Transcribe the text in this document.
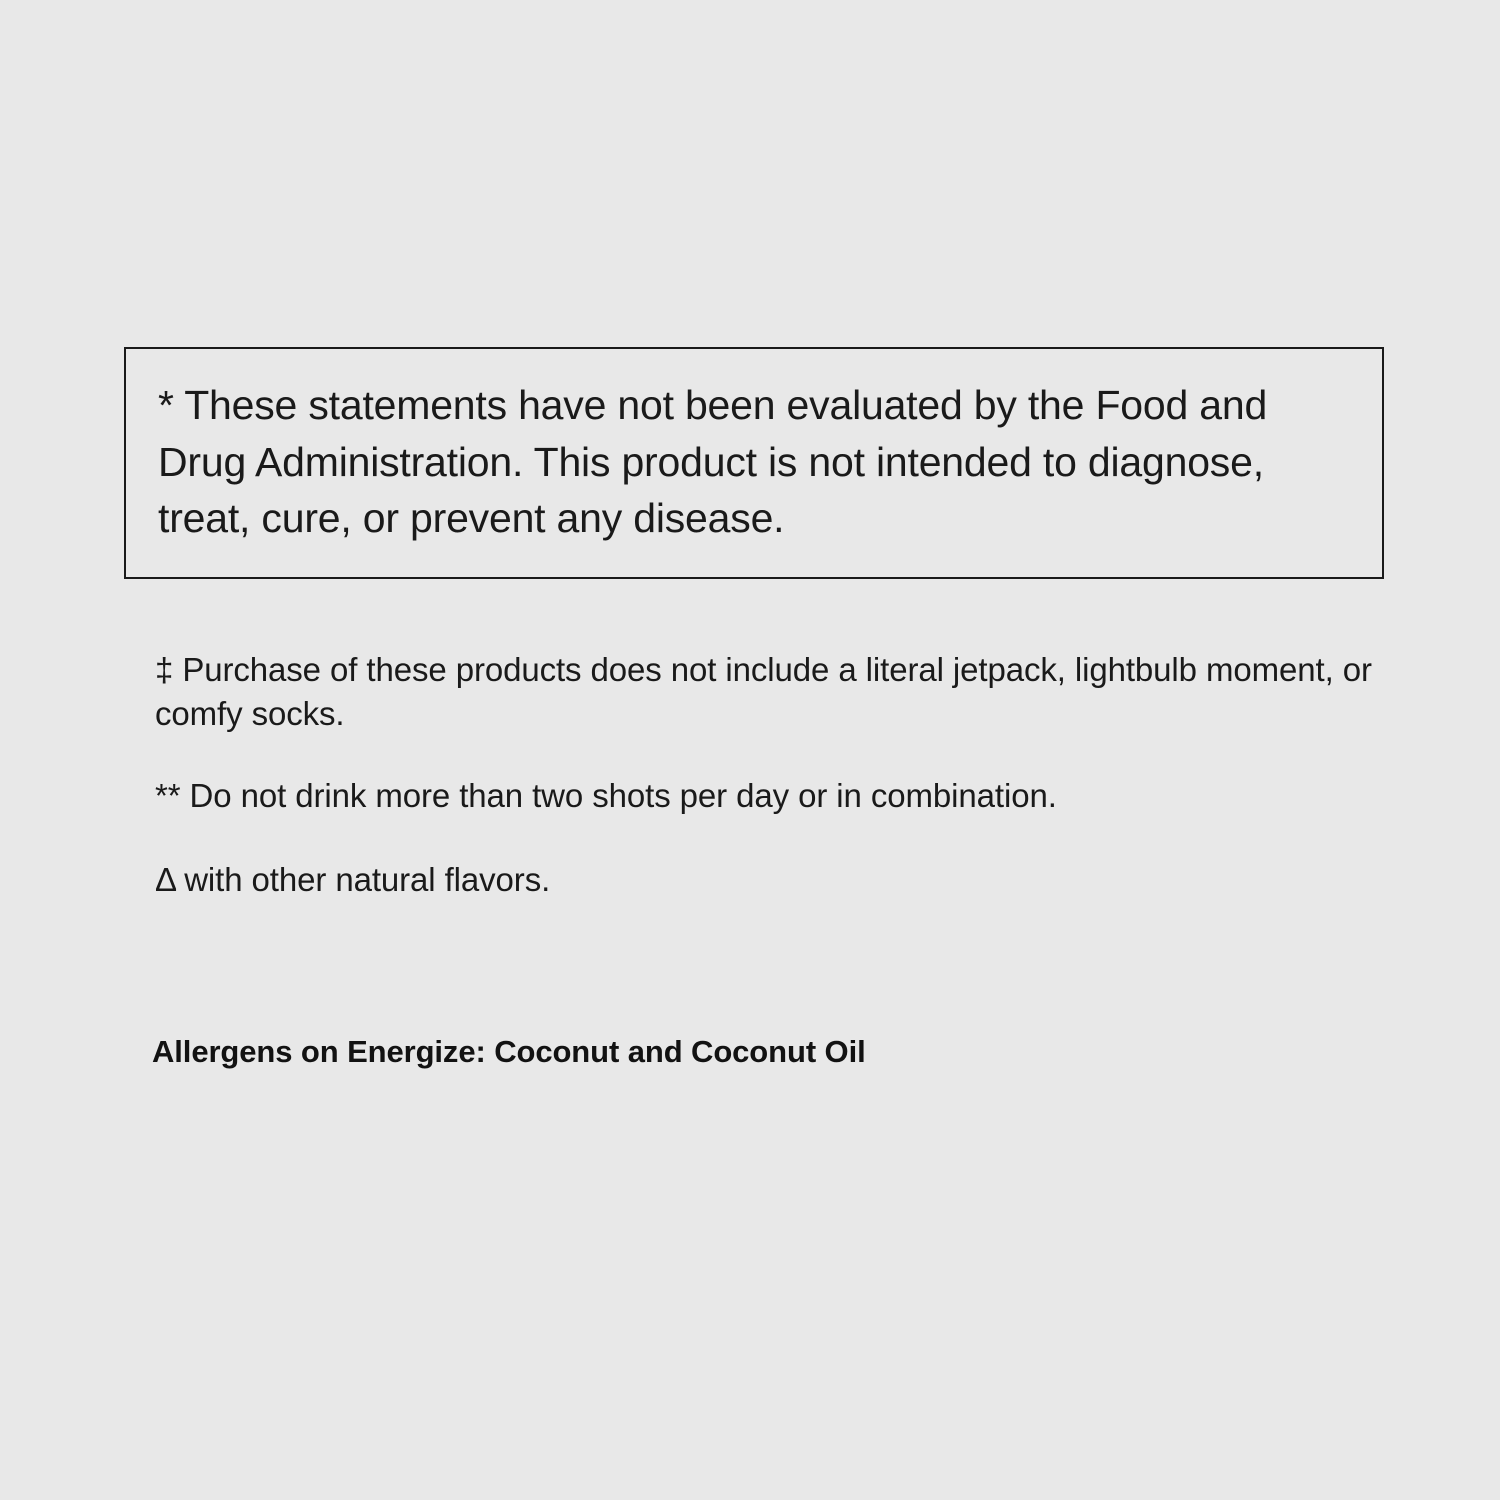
* These statements have not been evaluated by the Food and Drug Administration. This product is not intended to diagnose, treat, cure, or prevent any disease.

‡ Purchase of these products does not include a literal jetpack, lightbulb moment, or comfy socks.

** Do not drink more than two shots per day or in combination.

Δ with other natural flavors.

Allergens on Energize: Coconut and Coconut Oil
